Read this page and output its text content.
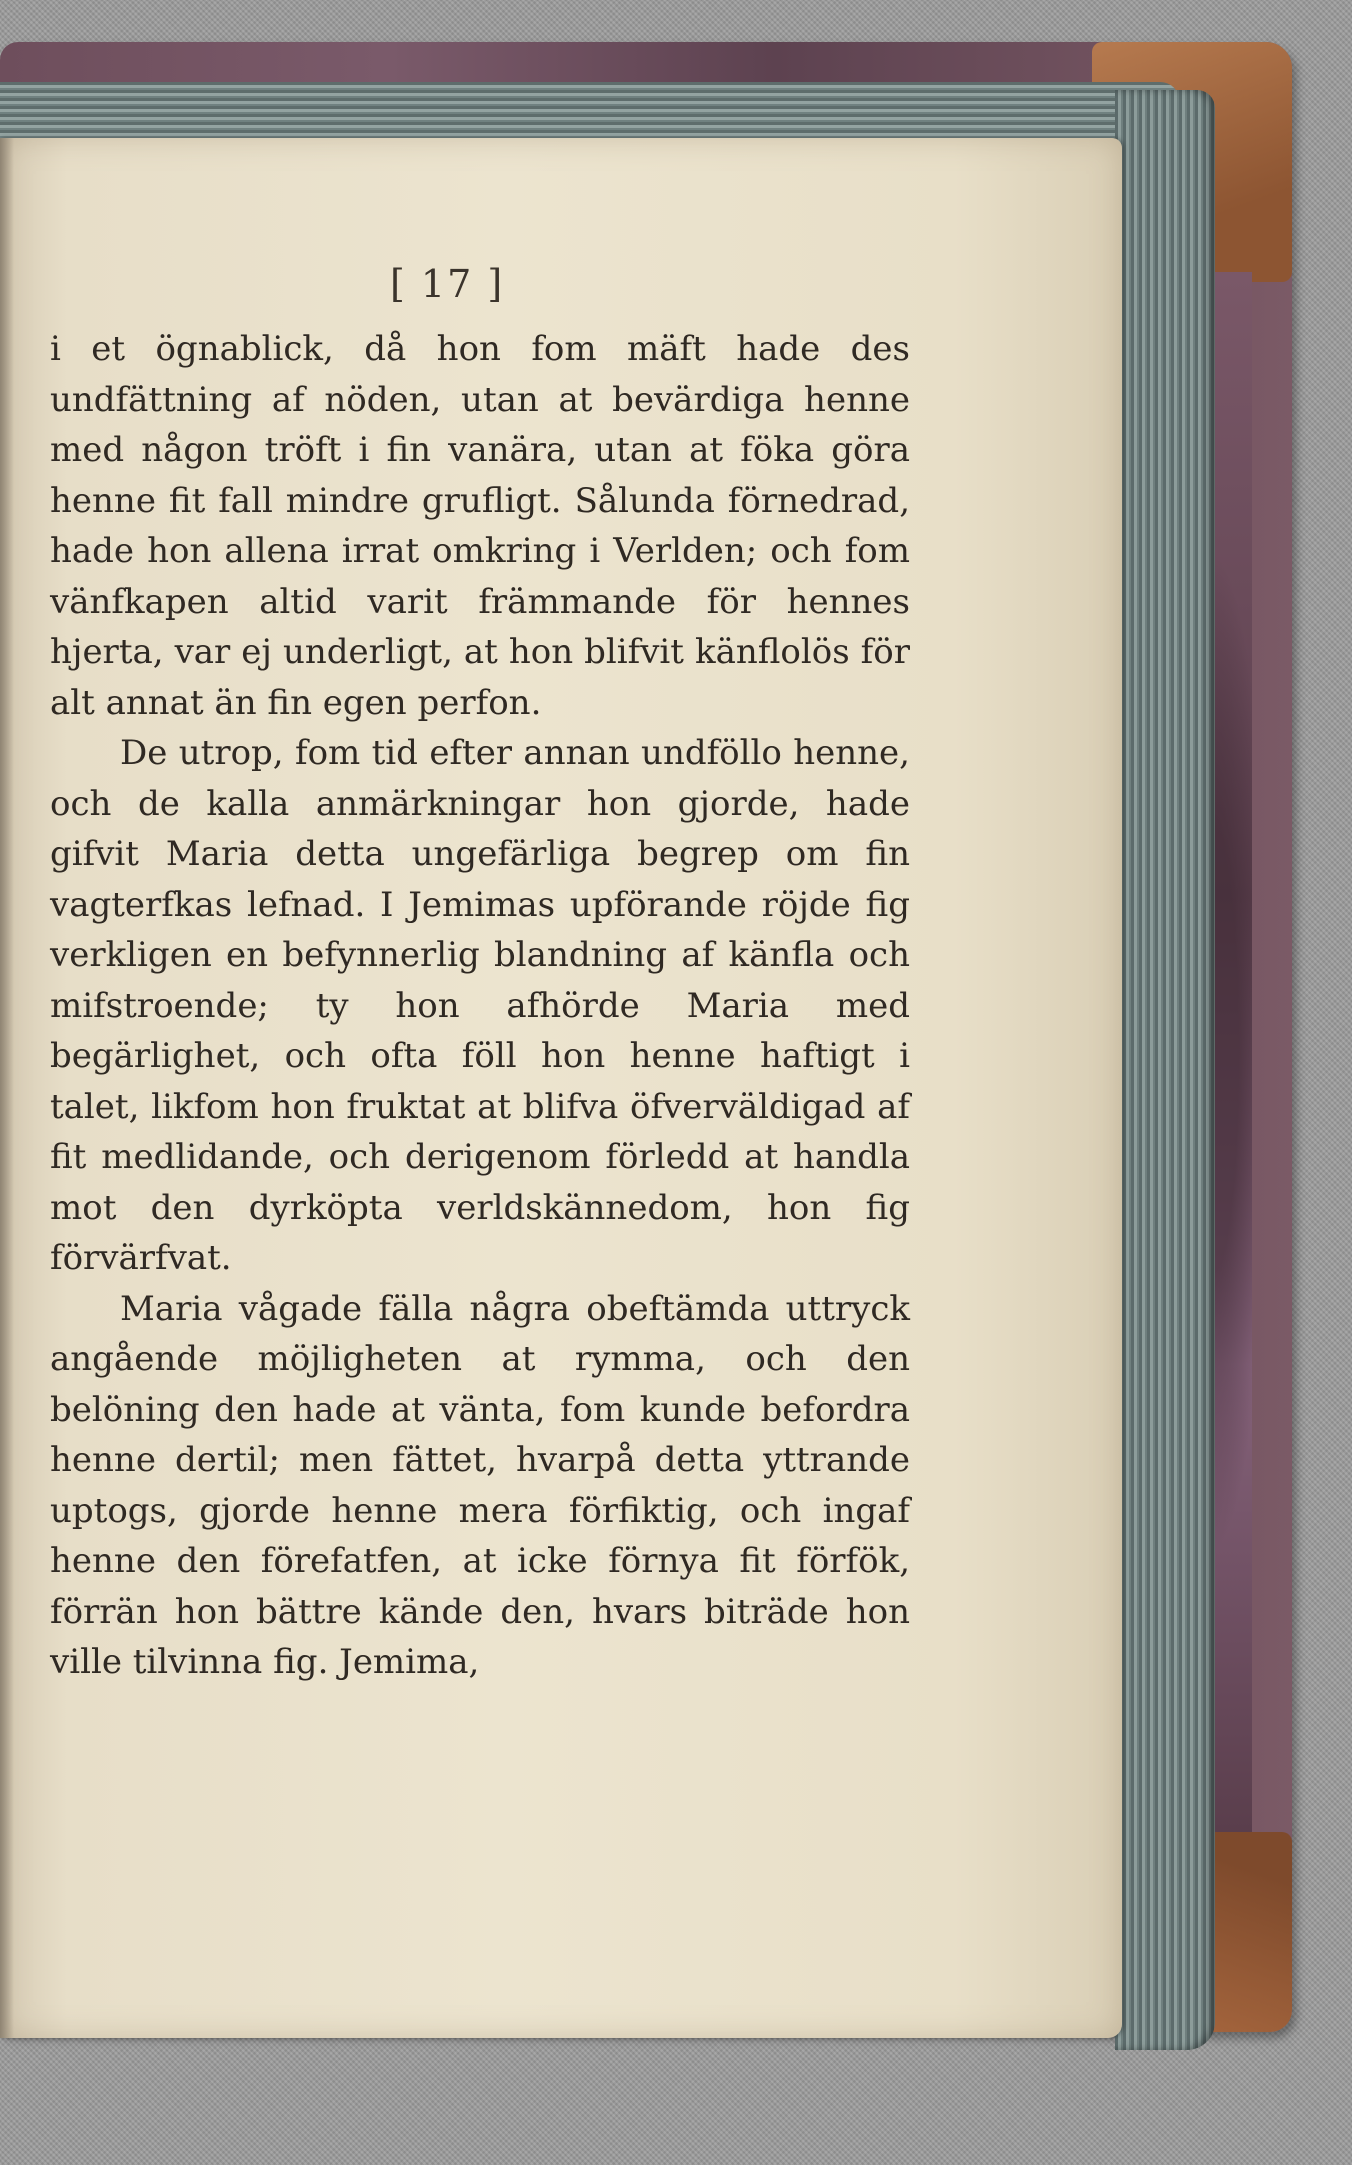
[ 17 ]

i et ögnablick, då hon fom mäft hade des undfättning af nöden, utan at bevärdiga henne med någon tröft i fin vanära, utan at föka göra henne fit fall mindre grufligt. Sålunda förnedrad, hade hon allena irrat omkring i Verlden; och fom vänfkapen altid varit främmande för hennes hjerta, var ej underligt, at hon blifvit känflolös för alt annat än fin egen perfon.

De utrop, fom tid efter annan undföllo henne, och de kalla anmärkningar hon gjorde, hade gifvit Maria detta ungefärliga begrep om fin vagterfkas lefnad. I Jemimas upförande röjde fig verkligen en befynnerlig blandning af känfla och mifstroende; ty hon afhörde Maria med begärlighet, och ofta föll hon henne haftigt i talet, likfom hon fruktat at blifva öfverväldigad af fit medlidande, och derigenom förledd at handla mot den dyrköpta verldskännedom, hon fig förvärfvat.

Maria vågade fälla några obeftämda uttryck angående möjligheten at rymma, och den belöning den hade at vänta, fom kunde befordra henne dertil; men fättet, hvarpå detta yttrande uptogs, gjorde henne mera förfiktig, och ingaf henne den förefatfen, at icke förnya fit förfök, förrän hon bättre kände den, hvars biträde hon ville tilvinna fig. Jemima,
